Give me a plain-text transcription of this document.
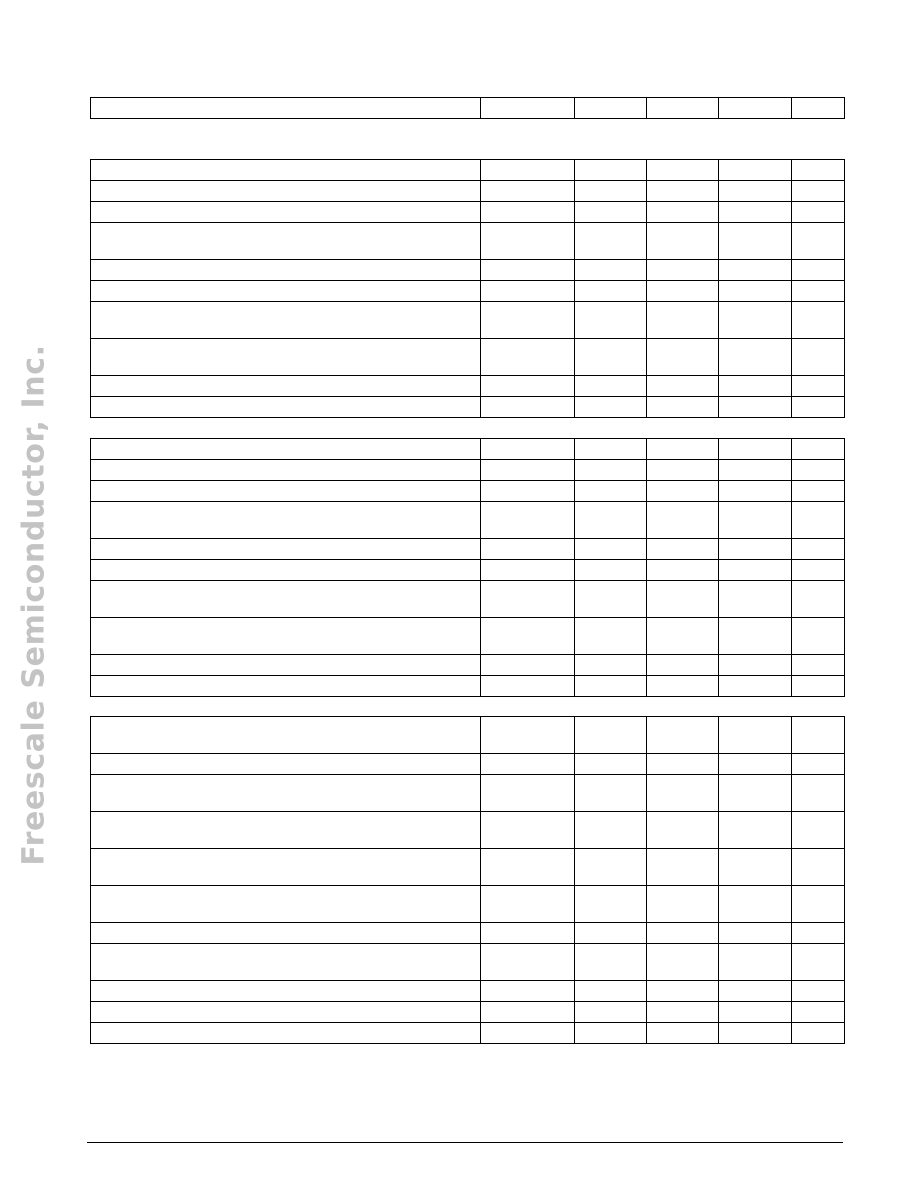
Freescale Semiconductor, Inc.
